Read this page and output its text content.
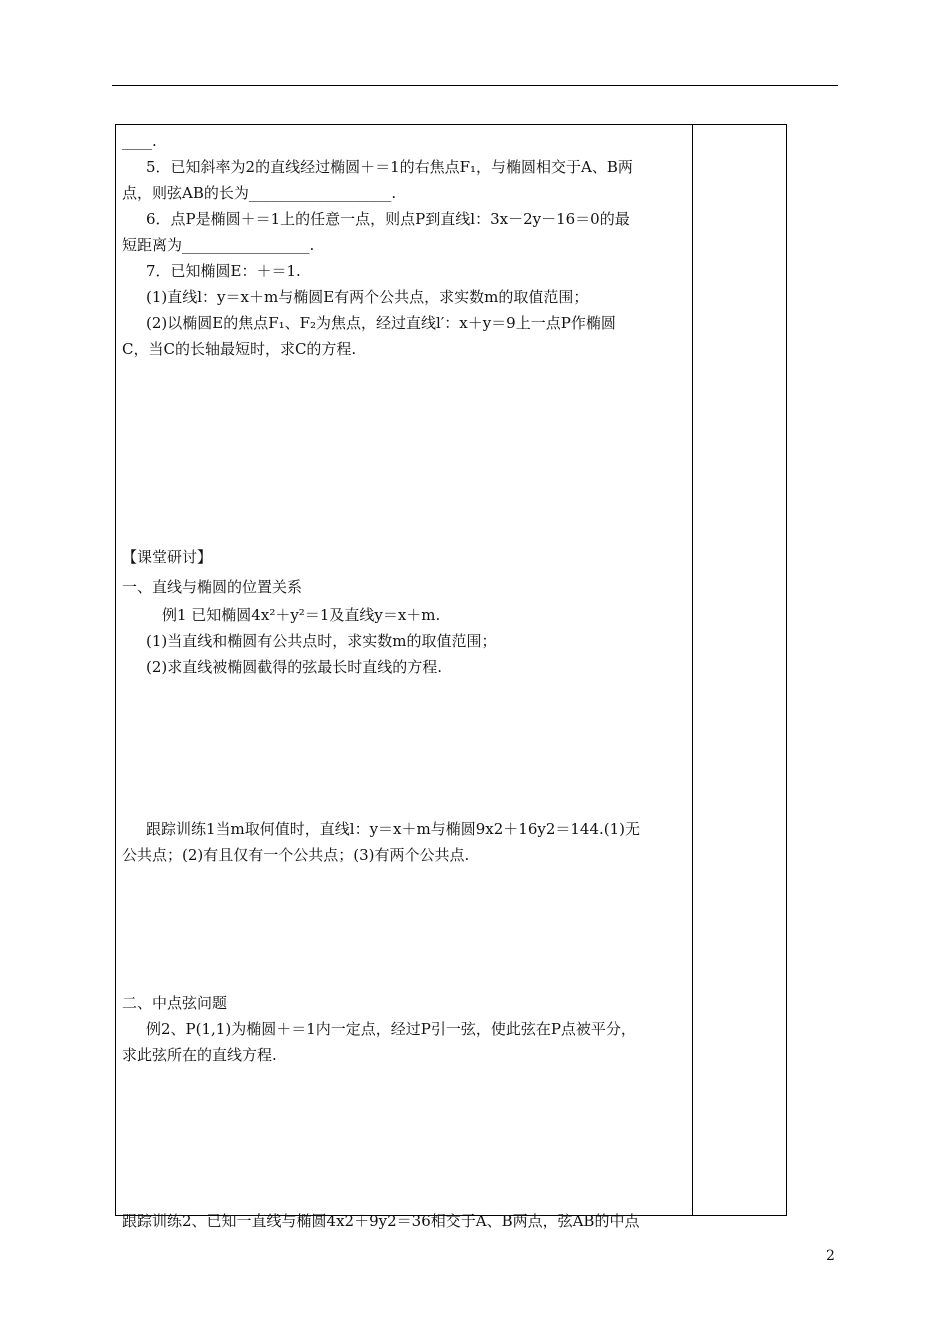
____.

5．已知斜率为2的直线经过椭圆＋＝1的右焦点F₁，与椭圆相交于A、B两

点，则弦AB的长为___________________.

6．点P是椭圆＋＝1上的任意一点，则点P到直线l：3x－2y－16＝0的最

短距离为_________________.

7．已知椭圆E：＋＝1.

(1)直线l：y＝x＋m与椭圆E有两个公共点，求实数m的取值范围；

(2)以椭圆E的焦点F₁、F₂为焦点，经过直线l′：x＋y＝9上一点P作椭圆

C，当C的长轴最短时，求C的方程.

【课堂研讨】

一、直线与椭圆的位置关系

例1 已知椭圆4x²＋y²＝1及直线y＝x＋m.

(1)当直线和椭圆有公共点时，求实数m的取值范围；

(2)求直线被椭圆截得的弦最长时直线的方程.

跟踪训练1当m取何值时，直线l：y＝x＋m与椭圆9x2＋16y2＝144.(1)无

公共点；(2)有且仅有一个公共点；(3)有两个公共点.

二、中点弦问题

例2、P(1,1)为椭圆＋＝1内一定点，经过P引一弦，使此弦在P点被平分，

求此弦所在的直线方程.

跟踪训练2、已知一直线与椭圆4x2＋9y2＝36相交于A、B两点，弦AB的中点

2
